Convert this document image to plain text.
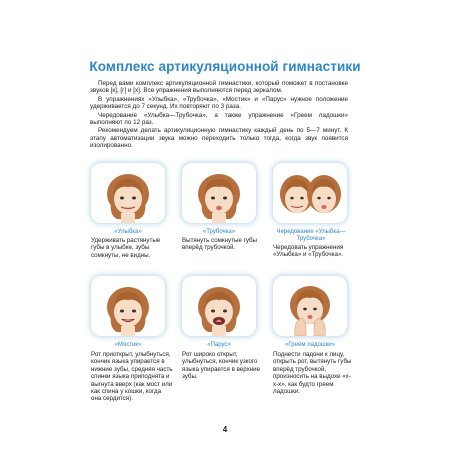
Комплекс артикуляционной гимнастики

Перед вами комплекс артикуляционной гимнастики, который поможет в постановке звуков [к], [г] и [х]. Все упражнения выполняются перед зеркалом.

В упражнениях «Улыбка», «Трубочка», «Мостик» и «Парус» нужное положение удерживается до 7 секунд. Их повторяют по 3 раза.

Чередование «Улыбка—Трубочка», а также упражнение «Греем ладошки» выполняют по 12 раз.

Рекомендуем делать артикуляционную гимнастику каждый день по 5—7 минут. К этапу автоматизации звука можно переходить только тогда, когда звук появится изолированно.

«Улыбка»
Удерживать растянутые губы в улыбке, зубы сомкнуты, не видны.
«Трубочка»
Вытянуть сомкнутые губы вперёд трубочкой.
Чередование «Улыбка—Трубочка»
Чередовать упражнения «Улыбка» и «Трубочка».
«Мостик»
Рот приоткрыт, улыбнуться, кончик языка упирается в нижние зубы, средняя часть спинки языка приподнята и выгнута вверх (как мост или как спина у кошки, когда она сердится).
«Парус»
Рот широко открыт, улыбнуться, кончик узкого языка упирается в верхние зубы.
«Греем ладошки»
Поднести ладони к лицу, открыть рот, вытянуть губы вперёд трубочкой, произносить на выдохе «х-х-х», как будто греем ладошки.
4
